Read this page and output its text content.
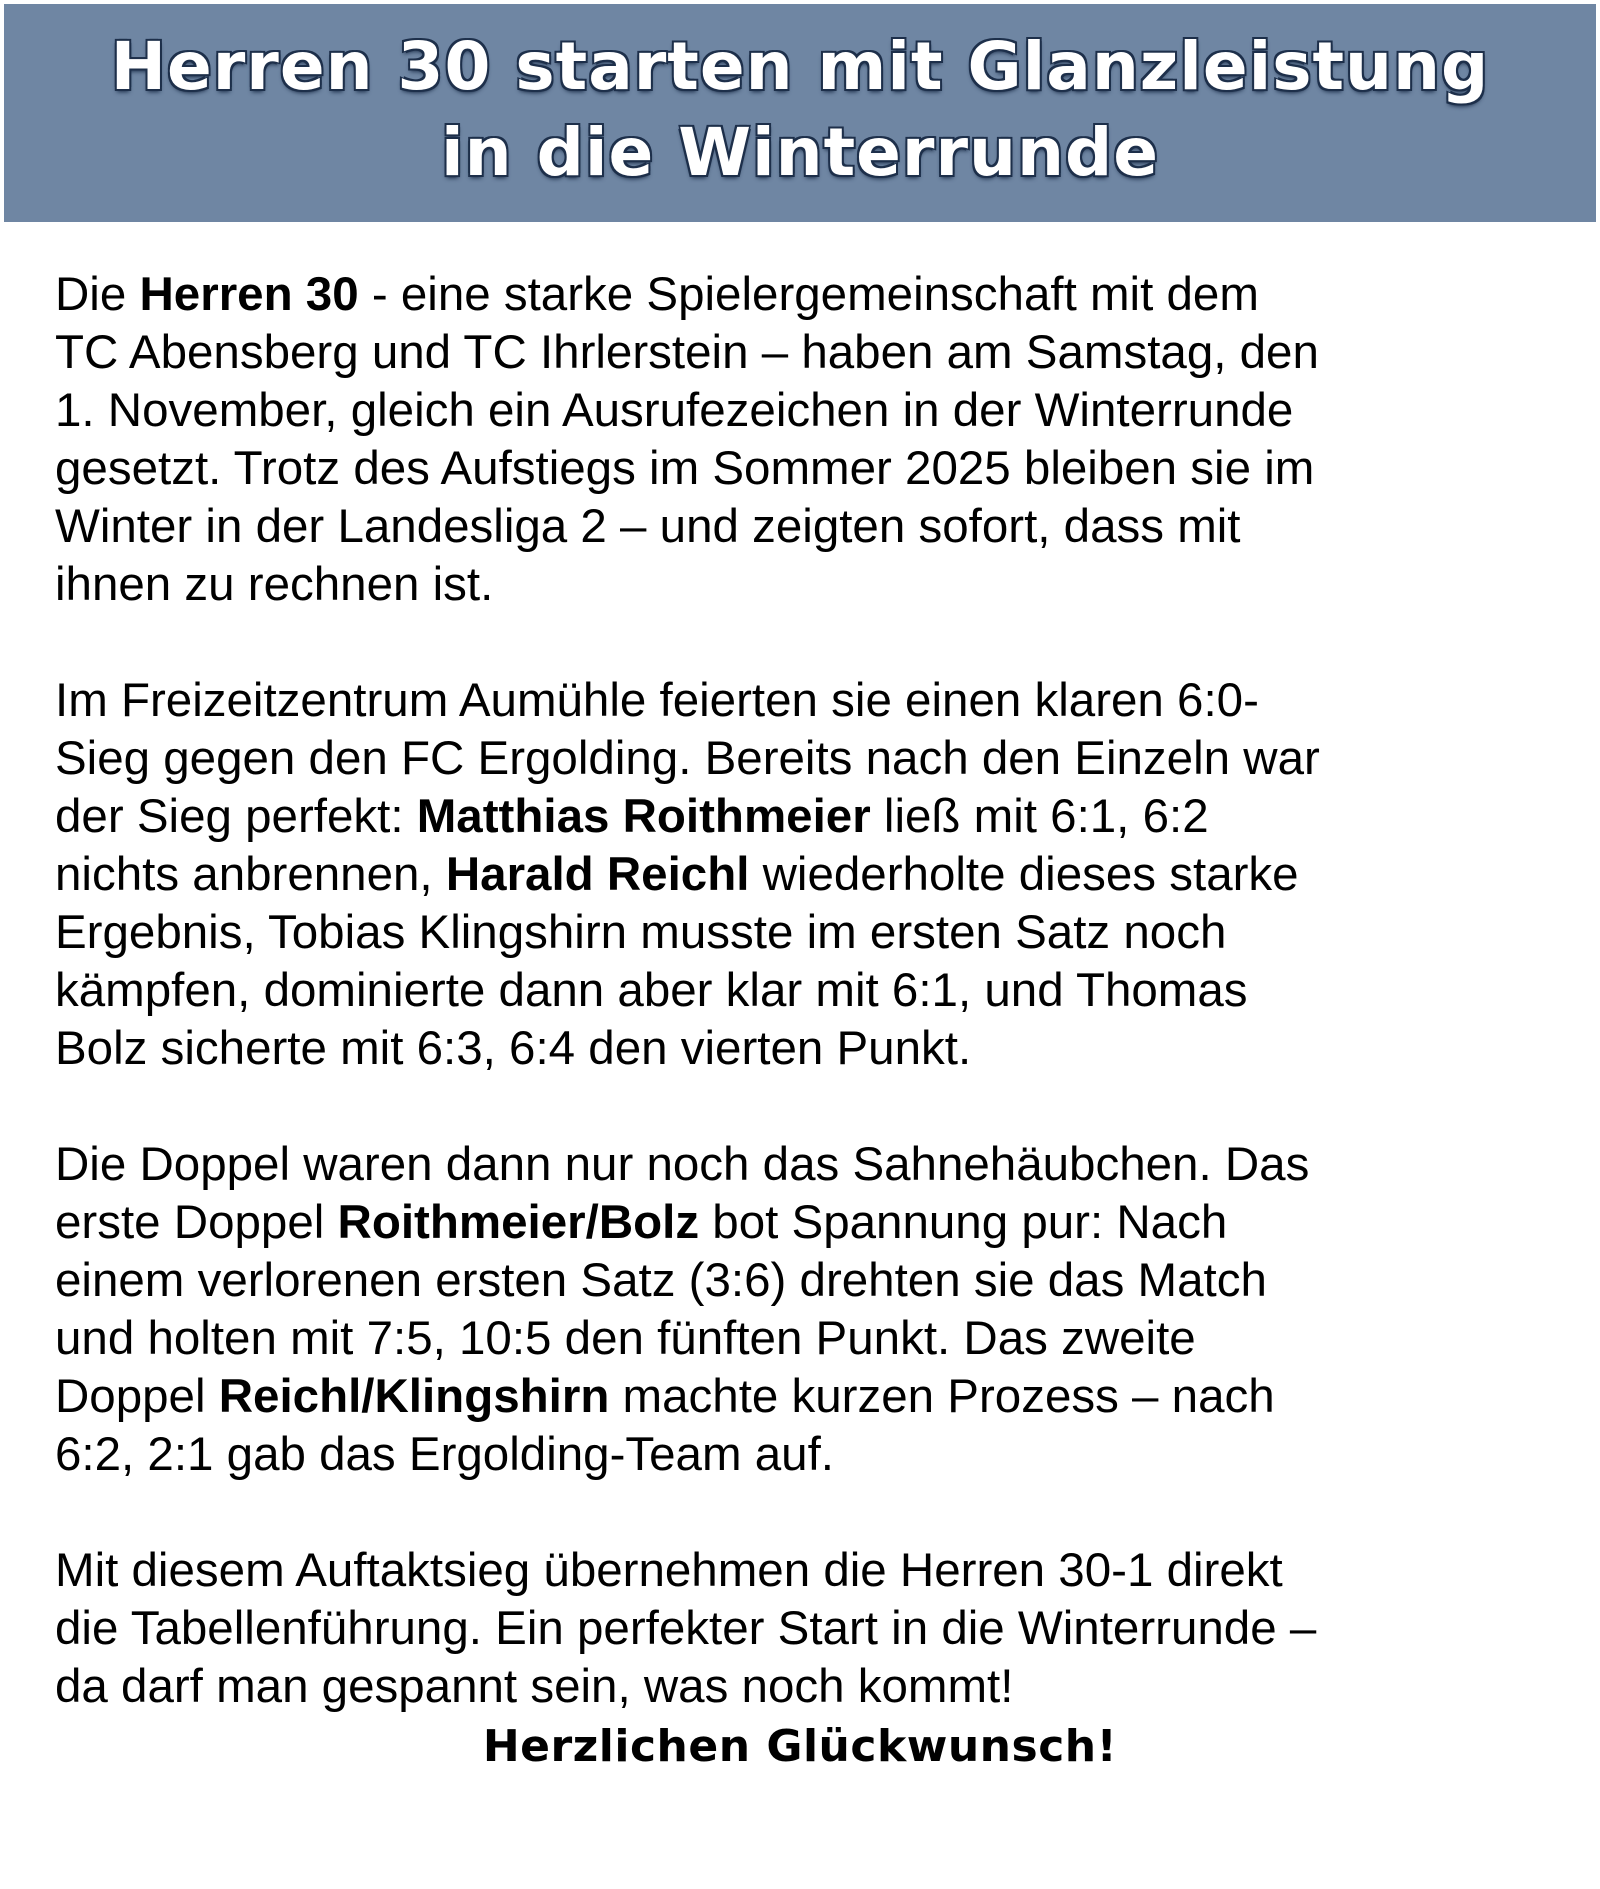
Herren 30 starten mit Glanzleistung
in die Winterrunde

Die Herren 30 - eine starke Spielergemeinschaft mit dem
TC Abensberg und TC Ihrlerstein – haben am Samstag, den
1. November, gleich ein Ausrufezeichen in der Winterrunde
gesetzt. Trotz des Aufstiegs im Sommer 2025 bleiben sie im
Winter in der Landesliga 2 – und zeigten sofort, dass mit
ihnen zu rechnen ist.

Im Freizeitzentrum Aumühle feierten sie einen klaren 6:0-
Sieg gegen den FC Ergolding. Bereits nach den Einzeln war
der Sieg perfekt: Matthias Roithmeier ließ mit 6:1, 6:2
nichts anbrennen, Harald Reichl wiederholte dieses starke
Ergebnis, Tobias Klingshirn musste im ersten Satz noch
kämpfen, dominierte dann aber klar mit 6:1, und Thomas
Bolz sicherte mit 6:3, 6:4 den vierten Punkt.

Die Doppel waren dann nur noch das Sahnehäubchen. Das
erste Doppel Roithmeier/Bolz bot Spannung pur: Nach
einem verlorenen ersten Satz (3:6) drehten sie das Match
und holten mit 7:5, 10:5 den fünften Punkt. Das zweite
Doppel Reichl/Klingshirn machte kurzen Prozess – nach
6:2, 2:1 gab das Ergolding-Team auf.

Mit diesem Auftaktsieg übernehmen die Herren 30-1 direkt
die Tabellenführung. Ein perfekter Start in die Winterrunde –
da darf man gespannt sein, was noch kommt!

Herzlichen Glückwunsch!
